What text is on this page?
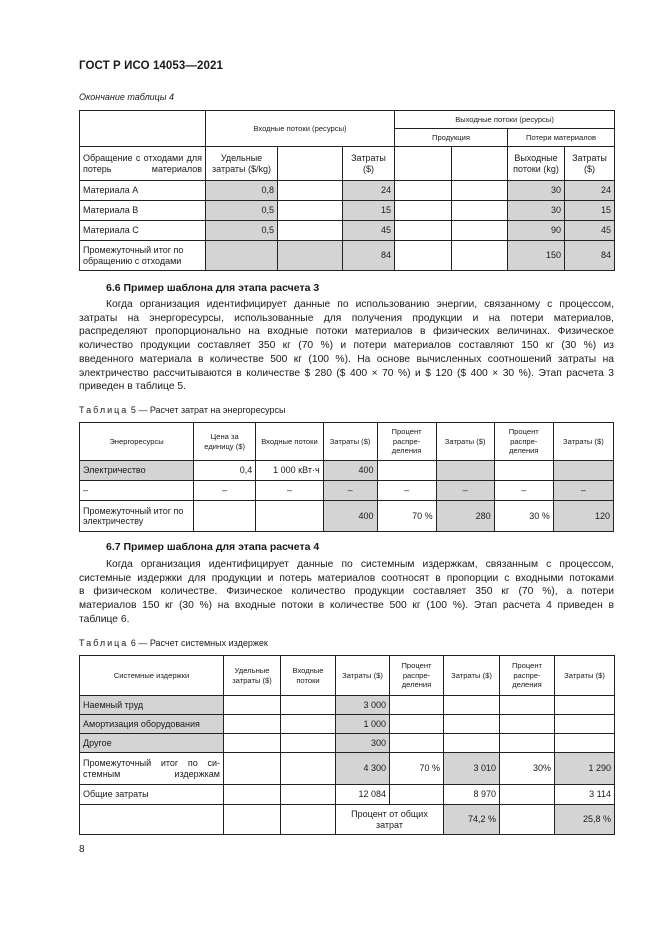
ГОСТ Р ИСО 14053—2021
Окончание таблицы 4
	Входные потоки (ресурсы)			Выходные потоки (ресурсы)			
				Продукция		Потери материалов	
Обращение с отходами для потерь материалов	Удельные затраты ($/kg)		Затраты ($)			Выходные потоки (kg)	Затраты ($)
Материала А	0,8		24			30	24
Материала В	0,5		15			30	15
Материала С	0,5		45			90	45
Промежуточный итог по обращению с отходами			84			150	84
6.6 Пример шаблона для этапа расчета 3
Когда организация идентифицирует данные по использованию энергии, связанному с процессом,
затраты на энергоресурсы, использованные для получения продукции и на потери материалов,
распределяют пропорционально на входные потоки материалов в физических величинах. Физическое
количество продукции составляет 350 кг (70 %) и потери материалов составляют 150 кг (30 %) из
введенного материала в количестве 500 кг (100 %). На основе вычисленных соотношений затраты на
электричество рассчитываются в количестве $ 280 ($ 400 × 70 %) и $ 120 ($ 400 × 30 %). Этап расчета 3
приведен в таблице 5.
Таблица 5 — Расчет затрат на энергоресурсы
Энергоресурсы	Цена за единицу ($)	Входные потоки	Затраты ($)	Процент распре-деления	Затраты ($)	Процент распре-деления	Затраты ($)
Электричество	0,4	1 000 кВт·ч	400				
–	–	–	–	–	–	–	–
Промежуточный итог по электричеству			400	70 %	280	30 %	120
6.7 Пример шаблона для этапа расчета 4
Когда организация идентифицирует данные по системным издержкам, связанным с процессом,
системные издержки для продукции и потерь материалов соотносят в пропорции с входными потоками
в физическом количестве. Физическое количество продукции составляет 350 кг (70 %), а потери
материалов 150 кг (30 %) на входные потоки в количестве 500 кг (100 %). Этап расчета 4 приведен в
таблице 6.
Таблица 6 — Расчет системных издержек
Системные издержки	Удельные затраты ($)	Входные потоки	Затраты ($)	Процент распре-деления	Затраты ($)	Процент распре-деления	Затраты ($)
Наемный труд			3 000				
Амортизация оборудования			1 000				
Другое			300				
Промежуточный итог по си-стемным издержкам			4 300	70 %	3 010	30%	1 290
Общие затраты			12 084		8 970		3 114
			Процент от общих затрат		74,2 %		25,8 %
8
